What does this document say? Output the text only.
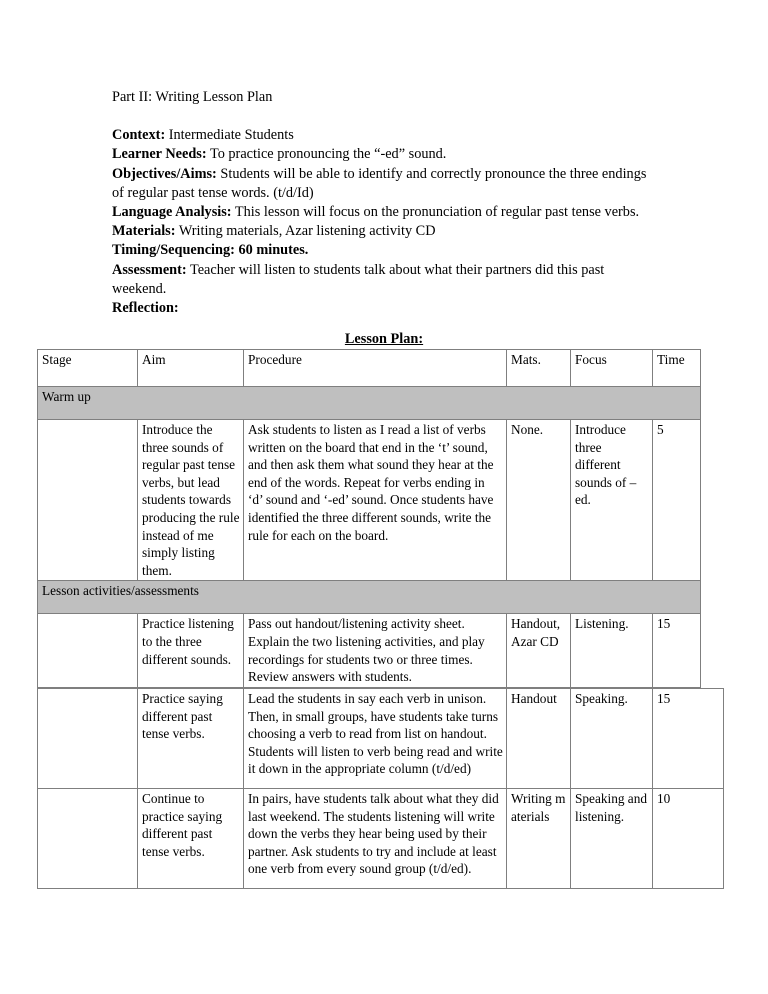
Part II: Writing Lesson Plan

Context: Intermediate Students

Learner Needs: To practice pronouncing the “-ed” sound.

Objectives/Aims: Students will be able to identify and correctly pronounce the three endings of regular past tense words. (t/d/Id)

Language Analysis: This lesson will focus on the pronunciation of regular past tense verbs.

Materials: Writing materials, Azar listening activity CD

Timing/Sequencing: 60 minutes.

Assessment: Teacher will listen to students talk about what their partners did this past weekend.

Reflection:

Lesson Plan:
Stage	Aim	Procedure	Mats.	Focus	Time
Warm up					
	Introduce the three sounds of regular past tense verbs, but lead students towards producing the rule instead of me simply listing them.	Ask students to listen as I read a list of verbs written on the board that end in the ‘t’ sound, and then ask them what sound they hear at the end of the words. Repeat for verbs ending in ‘d’ sound and ‘-ed’ sound. Once students have identified the three different sounds, write the rule for each on the board.	None.	Introduce three different sounds of –ed.	5
Lesson activities/assessments					
	Practice listening to the three different sounds.	Pass out handout/listening activity sheet. Explain the two listening activities, and play recordings for students two or three times. Review answers with students.	Handout, Azar CD	Listening.	15
	Practice saying different past tense verbs.	Lead the students in say each verb in unison. Then, in small groups, have students take turns choosing a verb to read from list on handout. Students will listen to verb being read and write it down in the appropriate column (t/d/ed)	Handout	Speaking.	15
	Continue to practice saying different past tense verbs.	In pairs, have students talk about what they did last weekend. The students listening will write down the verbs they hear being used by their partner. Ask students to try and include at least one verb from every sound group (t/d/ed).	Writing materials	Speaking and listening.	10
